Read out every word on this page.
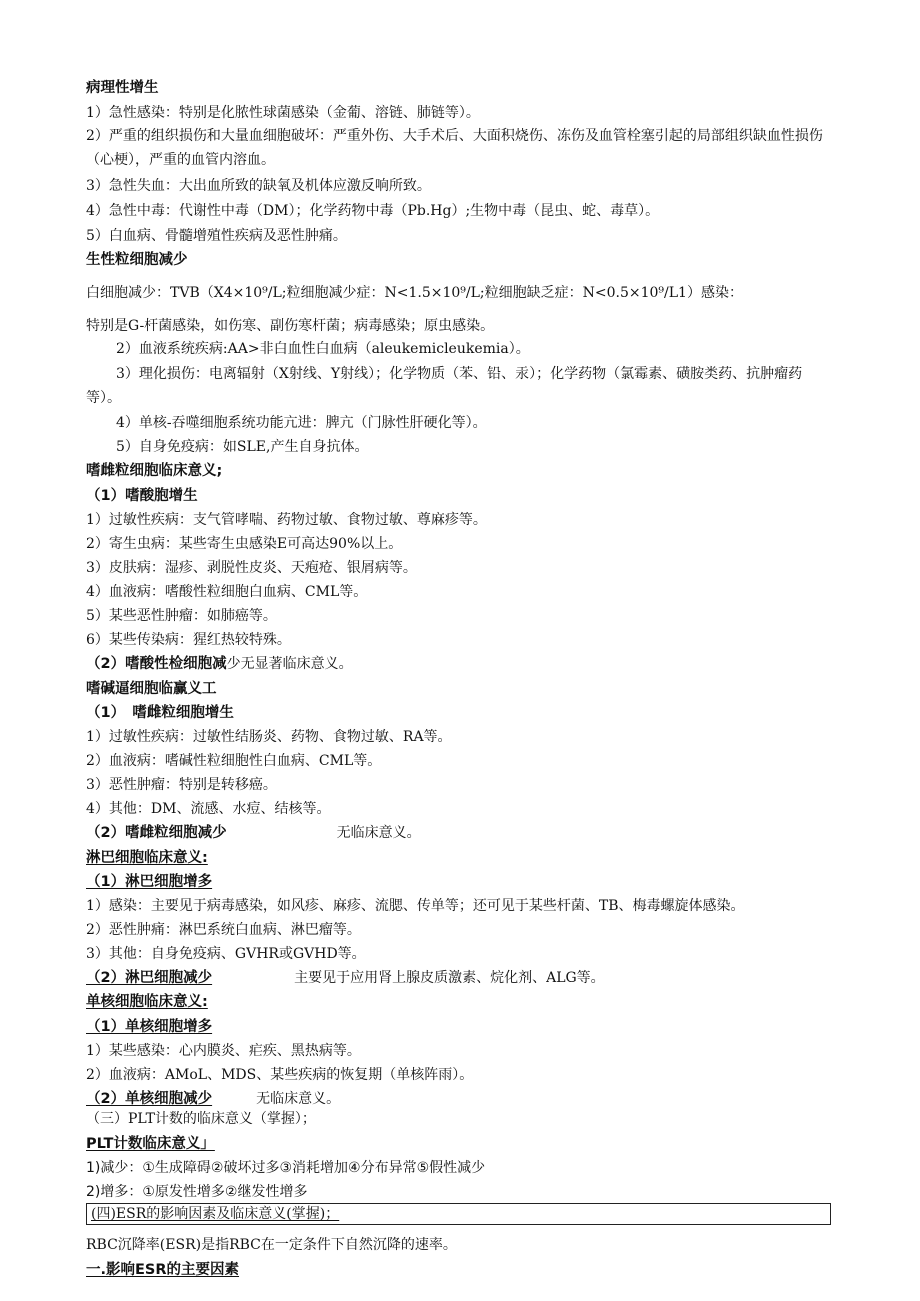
病理性增生
1）急性感染：特别是化脓性球菌感染（金葡、溶链、肺链等）。
2）严重的组织损伤和大量血细胞破坏：严重外伤、大手术后、大面积烧伤、冻伤及血管栓塞引起的局部组织缺血性损伤（心梗），严重的血管内溶血。
3）急性失血：大出血所致的缺氧及机体应激反响所致。
4）急性中毒：代谢性中毒（DM）；化学药物中毒（Pb.Hg）;生物中毒（昆虫、蛇、毒草）。
5）白血病、骨髓增殖性疾病及恶性肿痛。
生性粒细胞减少
白细胞减少：TVB（X4×10⁹/L;粒细胞减少症：N<1.5×10⁹/L;粒细胞缺乏症：N<0.5×10⁹/L1）感染：
特别是G-杆菌感染，如伤寒、副伤寒杆菌；病毒感染；原虫感染。
2）血液系统疾病:AA>非白血性白血病（aleukemicleukemia）。
3）理化损伤：电离辐射（X射线、Y射线）；化学物质（苯、铅、汞）；化学药物（氯霉素、磺胺类药、抗肿瘤药等）。
4）单核-吞噬细胞系统功能亢进：脾亢（门脉性肝硬化等）。
5）自身免疫病：如SLE,产生自身抗体。
嗜雌粒细胞临床意义;
（1）嗜酸胞增生
1）过敏性疾病：支气管哮喘、药物过敏、食物过敏、尊麻疹等。
2）寄生虫病：某些寄生虫感染E可高达90%以上。
3）皮肤病：湿疹、剥脱性皮炎、天疱疮、银屑病等。
4）血液病：嗜酸性粒细胞白血病、CML等。
5）某些恶性肿瘤：如肺癌等。
6）某些传染病：猩红热较特殊。
（2）嗜酸性检细胞减少无显著临床意义。
嗜碱逼细胞临赢义工
（1）　嗜雌粒细胞增生
1）过敏性疾病：过敏性结肠炎、药物、食物过敏、RA等。
2）血液病：嗜碱性粒细胞性白血病、CML等。
3）恶性肿瘤：特别是转移癌。
4）其他：DM、流感、水痘、结核等。
（2）嗜雌粒细胞减少	无临床意义。
淋巴细胞临床意义:
（1）淋巴细胞增多
1）感染：主要见于病毒感染，如风疹、麻疹、流腮、传单等；还可见于某些杆菌、TB、梅毒螺旋体感染。
2）恶性肿痛：淋巴系统白血病、淋巴瘤等。
3）其他：自身免疫病、GVHR或GVHD等。
（2）淋巴细胞减少	主要见于应用肾上腺皮质激素、烷化剂、ALG等。
单核细胞临床意义:
（1）单核细胞增多
1）某些感染：心内膜炎、疟疾、黑热病等。
2）血液病：AMoL、MDS、某些疾病的恢复期（单核阵雨）。
（2）单核细胞减少	无临床意义。
（三）PLT计数的临床意义（掌握）；
PLT计数临床意义」
1)减少：①生成障碍②破坏过多③消耗增加④分布异常⑤假性减少
2)增多：①原发性增多②继发性增多
(四)ESR的影响因素及临床意义(掌握)；
RBC沉降率(ESR)是指RBC在一定条件下自然沉降的速率。
一.影响ESR的主要因素
